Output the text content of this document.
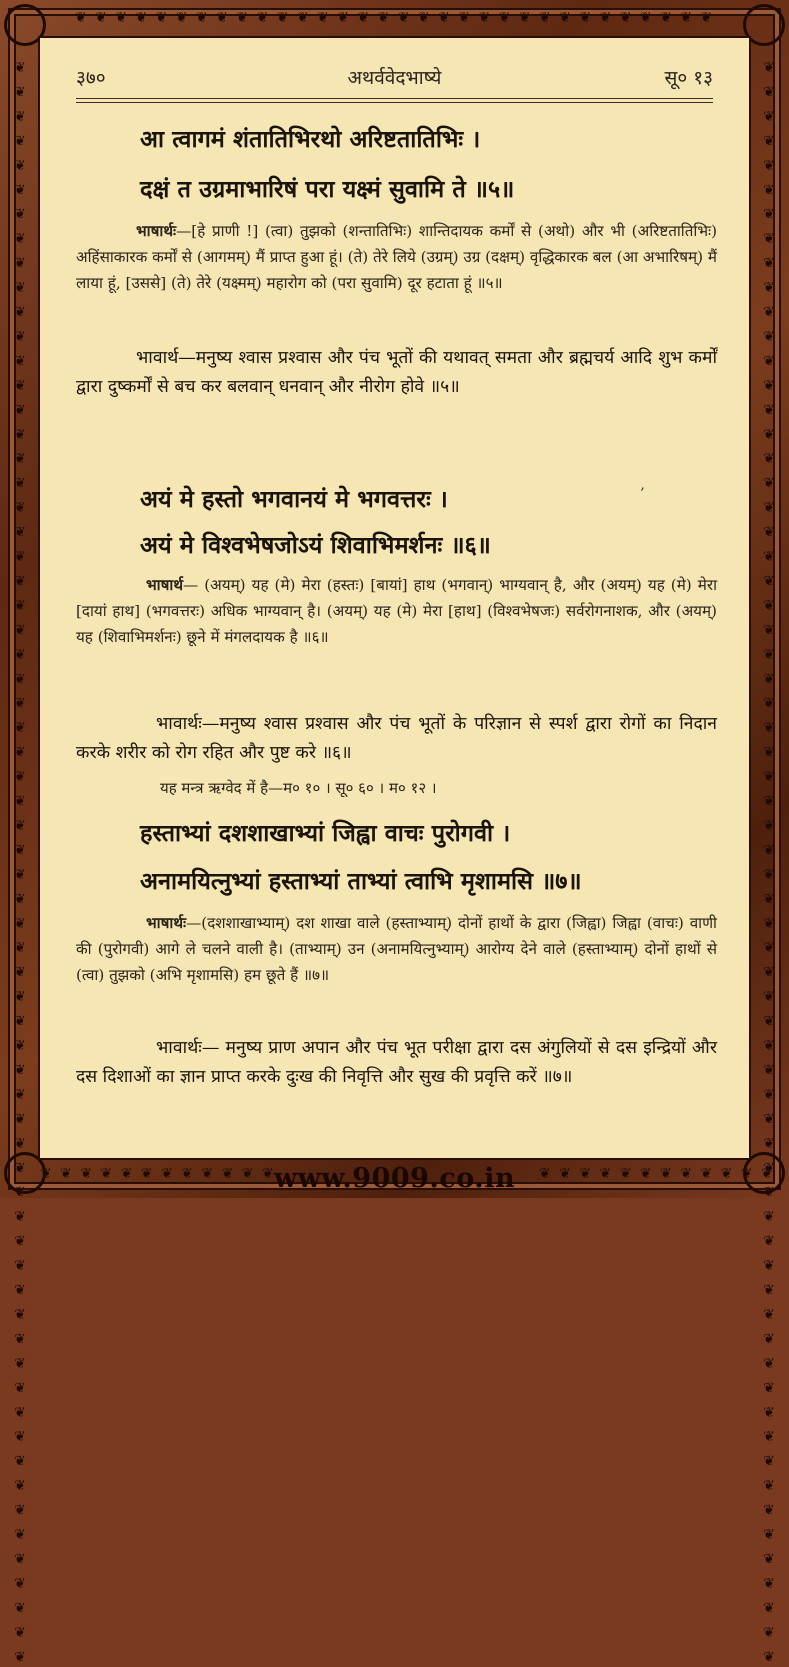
❦ ❦ ❦ ❦ ❦ ❦ ❦ ❦ ❦ ❦ ❦ ❦ ❦ ❦ ❦ ❦ ❦ ❦ ❦ ❦ ❦ ❦ ❦ ❦ ❦ ❦ ❦ ❦ ❦ ❦ ❦ ❦
❦ ❦ ❦ ❦ ❦ ❦ ❦ ❦ ❦ ❦ ❦ ❦	❦ ❦ ❦ ❦ ❦ ❦ ❦ ❦ ❦ ❦ ❦ ❦
❦ ❦ ❦ ❦ ❦ ❦ ❦ ❦ ❦ ❦ ❦ ❦ ❦ ❦ ❦ ❦ ❦ ❦ ❦ ❦ ❦ ❦ ❦ ❦ ❦ ❦ ❦ ❦ ❦ ❦ ❦ ❦ ❦ ❦ ❦ ❦ ❦ ❦ ❦ ❦ ❦ ❦ ❦ ❦ ❦ ❦ ❦ ❦ ❦ ❦ ❦ ❦ ❦ ❦ ❦ ❦ ❦ ❦ ❦ ❦ ❦ ❦ ❦ ❦ ❦ ❦	❦ ❦ ❦ ❦ ❦ ❦ ❦ ❦ ❦ ❦ ❦ ❦ ❦ ❦ ❦ ❦ ❦ ❦ ❦ ❦ ❦ ❦ ❦ ❦ ❦ ❦ ❦ ❦ ❦ ❦ ❦ ❦ ❦ ❦ ❦ ❦ ❦ ❦ ❦ ❦ ❦ ❦ ❦ ❦ ❦ ❦ ❦ ❦ ❦ ❦ ❦ ❦ ❦ ❦ ❦ ❦ ❦ ❦ ❦ ❦ ❦ ❦ ❦ ❦ ❦ ❦
www.9009.co.in
३७०	अथर्ववेदभाष्ये	सू० १३
आ त्वागमं शंतातिभिरथो अरिष्टतातिभिः ।
दक्षं त उग्रमाभारिषं परा यक्ष्मं सुवामि ते ॥५॥
भाषार्थः—[हे प्राणी !] (त्वा) तुझको (शन्तातिभिः) शान्तिदायक कर्मों से (अथो) और भी (अरिष्टतातिभिः) अहिंसाकारक कर्मों से (आगमम्) मैं प्राप्त हुआ हूं। (ते) तेरे लिये (उग्रम्) उग्र (दक्षम्) वृद्धिकारक बल (आ अभारिषम्) मैं लाया हूं, [उससे] (ते) तेरे (यक्ष्मम्) महारोग को (परा सुवामि) दूर हटाता हूं ॥५॥
भावार्थ—मनुष्य श्वास प्रश्वास और पंच भूतों की यथावत् समता और ब्रह्मचर्य आदि शुभ कर्मों द्वारा दुष्कर्मों से बच कर बलवान् धनवान् और नीरोग होवे ॥५॥
अयं मे हस्तो भगवानयं मे भगवत्तरः ।	’
अयं मे विश्वभेषजोऽयं शिवाभिमर्शनः ॥६॥
भाषार्थ— (अयम्) यह (मे) मेरा (हस्तः) [बायां] हाथ (भगवान्) भाग्यवान् है, और (अयम्) यह (मे) मेरा [दायां हाथ] (भगवत्तरः) अधिक भाग्यवान् है। (अयम्) यह (मे) मेरा [हाथ] (विश्वभेषजः) सर्वरोगनाशक, और (अयम्) यह (शिवाभिमर्शनः) छूने में मंगलदायक है ॥६॥
भावार्थः—मनुष्य श्वास प्रश्वास और पंच भूतों के परिज्ञान से स्पर्श द्वारा रोगों का निदान करके शरीर को रोग रहित और पुष्ट करे ॥६॥
यह मन्त्र ऋग्वेद में है—म० १० । सू० ६० । म० १२ ।
हस्ताभ्यां दशशाखाभ्यां जिह्वा वाचः पुरोगवी ।
अनामयित्नुभ्यां हस्ताभ्यां ताभ्यां त्वाभि मृशामसि ॥७॥
भाषार्थः—(दशशाखाभ्याम्) दश शाखा वाले (हस्ताभ्याम्) दोनों हाथों के द्वारा (जिह्वा) जिह्वा (वाचः) वाणी की (पुरोगवी) आगे ले चलने वाली है। (ताभ्याम्) उन (अनामयित्नुभ्याम्) आरोग्य देने वाले (हस्ताभ्याम्) दोनों हाथों से (त्वा) तुझको (अभि मृशामसि) हम छूते हैं ॥७॥
भावार्थः— मनुष्य प्राण अपान और पंच भूत परीक्षा द्वारा दस अंगुलियों से दस इन्द्रियों और दस दिशाओं का ज्ञान प्राप्त करके दुःख की निवृत्ति और सुख की प्रवृत्ति करें ॥७॥
